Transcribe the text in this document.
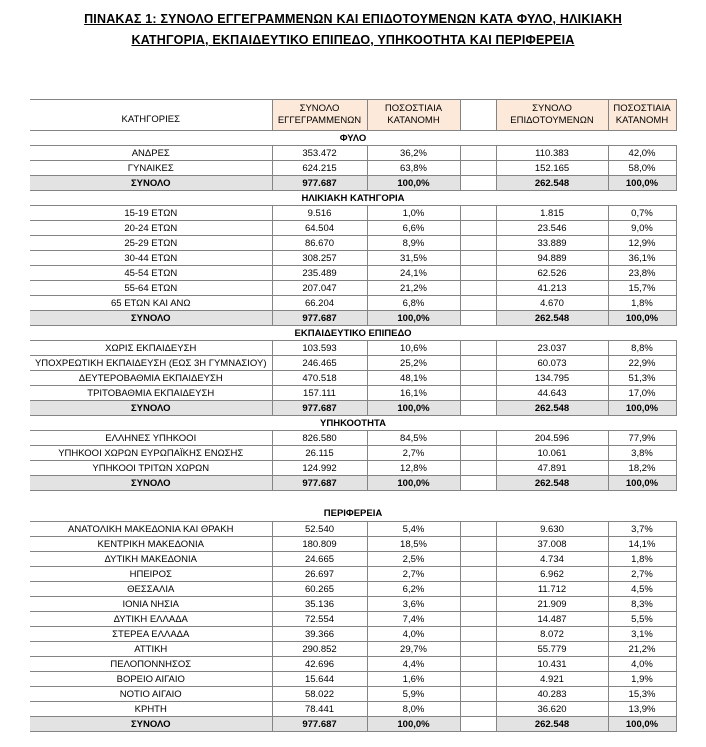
ΠΙΝΑΚΑΣ 1: ΣΥΝΟΛΟ ΕΓΓΕΓΡΑΜΜΕΝΩΝ ΚΑΙ ΕΠΙΔΟΤΟΥΜΕΝΩΝ ΚΑΤΑ ΦΥΛΟ, ΗΛΙΚΙΑΚΗ
ΚΑΤΗΓΟΡΙΑ, ΕΚΠΑΙΔΕΥΤΙΚΟ ΕΠΙΠΕΔΟ, ΥΠΗΚΟΟΤΗΤΑ ΚΑΙ ΠΕΡΙΦΕΡΕΙΑ
ΚΑΤΗΓΟΡΙΕΣ	ΣΥΝΟΛΟ ΕΓΓΕΓΡΑΜΜΕΝΩΝ	ΠΟΣΟΣΤΙΑΙΑ ΚΑΤΑΝΟΜΗ		ΣΥΝΟΛΟ ΕΠΙΔΟΤΟΥΜΕΝΩΝ	ΠΟΣΟΣΤΙΑΙΑ ΚΑΤΑΝΟΜΗ
ΦΥΛΟ					
ΑΝΔΡΕΣ	353.472	36,2%		110.383	42,0%
ΓΥΝΑΙΚΕΣ	624.215	63,8%		152.165	58,0%
ΣΥΝΟΛΟ	977.687	100,0%		262.548	100,0%
ΗΛΙΚΙΑΚΗ ΚΑΤΗΓΟΡΙΑ					
15-19 ΕΤΩΝ	9.516	1,0%		1.815	0,7%
20-24 ΕΤΩΝ	64.504	6,6%		23.546	9,0%
25-29 ΕΤΩΝ	86.670	8,9%		33.889	12,9%
30-44 ΕΤΩΝ	308.257	31,5%		94.889	36,1%
45-54 ΕΤΩΝ	235.489	24,1%		62.526	23,8%
55-64 ΕΤΩΝ	207.047	21,2%		41.213	15,7%
65 ΕΤΩΝ ΚΑΙ ΑΝΩ	66.204	6,8%		4.670	1,8%
ΣΥΝΟΛΟ	977.687	100,0%		262.548	100,0%
ΕΚΠΑΙΔΕΥΤΙΚΟ ΕΠΙΠΕΔΟ					
ΧΩΡΙΣ ΕΚΠΑΙΔΕΥΣΗ	103.593	10,6%		23.037	8,8%
ΥΠΟΧΡΕΩΤΙΚΗ ΕΚΠΑΙΔΕΥΣΗ (ΕΩΣ 3Η ΓΥΜΝΑΣΙΟΥ)	246.465	25,2%		60.073	22,9%
ΔΕΥΤΕΡΟΒΑΘΜΙΑ ΕΚΠΑΙΔΕΥΣΗ	470.518	48,1%		134.795	51,3%
ΤΡΙΤΟΒΑΘΜΙΑ ΕΚΠΑΙΔΕΥΣΗ	157.111	16,1%		44.643	17,0%
ΣΥΝΟΛΟ	977.687	100,0%		262.548	100,0%
ΥΠΗΚΟΟΤΗΤΑ					
ΕΛΛΗΝΕΣ ΥΠΗΚΟΟΙ	826.580	84,5%		204.596	77,9%
ΥΠΗΚΟΟΙ ΧΩΡΩΝ ΕΥΡΩΠΑΪΚΗΣ ΕΝΩΣΗΣ	26.115	2,7%		10.061	3,8%
ΥΠΗΚΟΟΙ ΤΡΙΤΩΝ ΧΩΡΩΝ	124.992	12,8%		47.891	18,2%
ΣΥΝΟΛΟ	977.687	100,0%		262.548	100,0%

ΠΕΡΙΦΕΡΕΙΑ					
ΑΝΑΤΟΛΙΚΗ ΜΑΚΕΔΟΝΙΑ ΚΑΙ ΘΡΑΚΗ	52.540	5,4%		9.630	3,7%
ΚΕΝΤΡΙΚΗ ΜΑΚΕΔΟΝΙΑ	180.809	18,5%		37.008	14,1%
ΔΥΤΙΚΗ ΜΑΚΕΔΟΝΙΑ	24.665	2,5%		4.734	1,8%
ΗΠΕΙΡΟΣ	26.697	2,7%		6.962	2,7%
ΘΕΣΣΑΛΙΑ	60.265	6,2%		11.712	4,5%
ΙΟΝΙΑ ΝΗΣΙΑ	35.136	3,6%		21.909	8,3%
ΔΥΤΙΚΗ ΕΛΛΑΔΑ	72.554	7,4%		14.487	5,5%
ΣΤΕΡΕΑ ΕΛΛΑΔΑ	39.366	4,0%		8.072	3,1%
ΑΤΤΙΚΗ	290.852	29,7%		55.779	21,2%
ΠΕΛΟΠΟΝΝΗΣΟΣ	42.696	4,4%		10.431	4,0%
ΒΟΡΕΙΟ ΑΙΓΑΙΟ	15.644	1,6%		4.921	1,9%
ΝΟΤΙΟ ΑΙΓΑΙΟ	58.022	5,9%		40.283	15,3%
ΚΡΗΤΗ	78.441	8,0%		36.620	13,9%
ΣΥΝΟΛΟ	977.687	100,0%		262.548	100,0%
